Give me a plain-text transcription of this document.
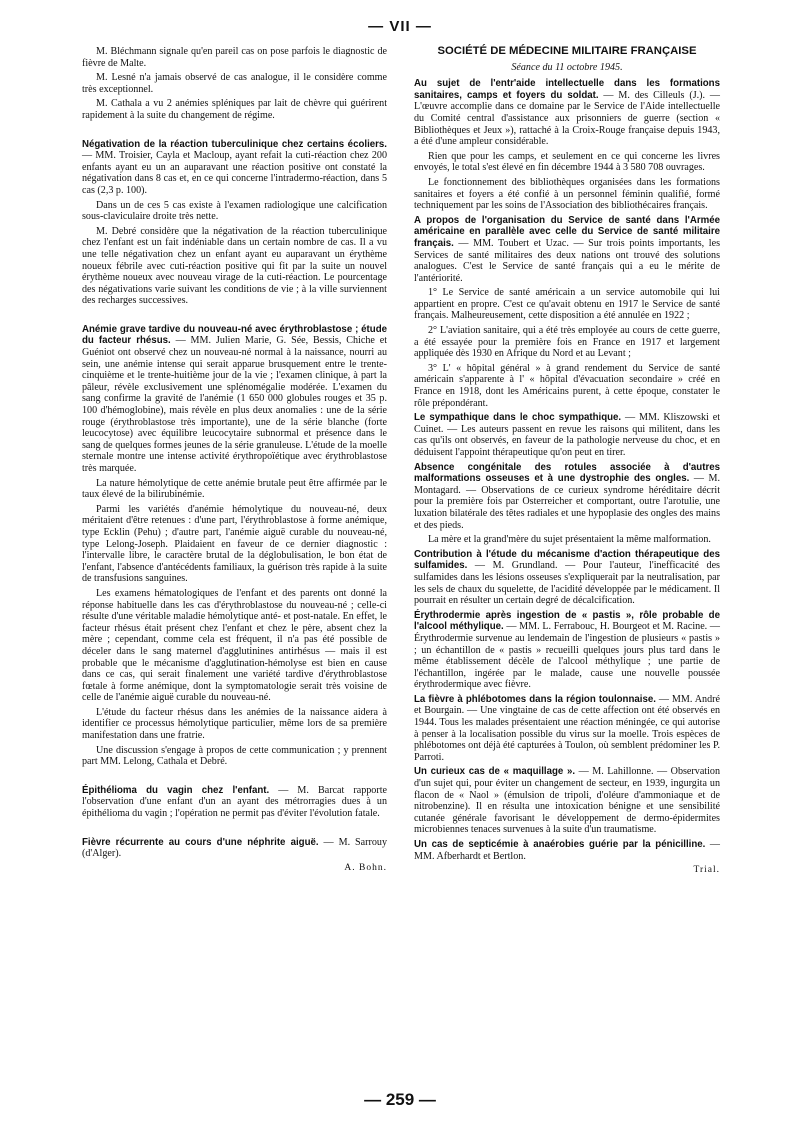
— VII —

M. Bléchmann signale qu'en pareil cas on pose parfois le diagnostic de fièvre de Malte.

M. Lesné n'a jamais observé de cas analogue, il le considère comme très exceptionnel.

M. Cathala a vu 2 anémies spléniques par lait de chèvre qui guérirent rapidement à la suite du changement de régime.

Négativation de la réaction tuberculinique chez certains écoliers. — MM. Troisier, Cayla et Macloup, ayant refait la cuti-réaction chez 200 enfants ayant eu un an auparavant une réaction positive ont constaté la négativation dans 8 cas et, en ce qui concerne l'intradermo-réaction, dans 5 cas (2,3 p. 100).

Dans un de ces 5 cas existe à l'examen radiologique une calcification sous-claviculaire droite très nette.

M. Debré considère que la négativation de la réaction tuberculinique chez l'enfant est un fait indéniable dans un certain nombre de cas. Il a vu une telle négativation chez un enfant ayant eu auparavant un érythème noueux fébrile avec cuti-réaction positive qui fit par la suite un nouvel érythème noueux avec nouveau virage de la cuti-réaction. Le pourcentage des négativations varie suivant les conditions de vie ; à la ville surviennent des recharges successives.

Anémie grave tardive du nouveau-né avec érythroblastose ; étude du facteur rhésus. — MM. Julien Marie, G. Sée, Bessis, Chiche et Guéniot ont observé chez un nouveau-né normal à la naissance, nourri au sein, une anémie intense qui serait apparue brusquement entre le trente-cinquième et le trente-huitième jour de la vie ; l'examen clinique, à part la pâleur, révèle exclusivement une splénomégalie modérée. L'examen du sang confirme la gravité de l'anémie (1 650 000 globules rouges et 35 p. 100 d'hémoglobine), mais révèle en plus deux anomalies : une de la série rouge (érythroblastose très importante), une de la série blanche (forte leucocytose) avec équilibre leucocytaire subnormal et présence dans le sang de quelques formes jeunes de la série granuleuse. L'étude de la moelle sternale montre une intense activité érythropoïétique avec érythroblastose très marquée.

La nature hémolytique de cette anémie brutale peut être affirmée par le taux élevé de la bilirubinémie.

Parmi les variétés d'anémie hémolytique du nouveau-né, deux méritaient d'être retenues : d'une part, l'érythroblastose à forme anémique, type Ecklin (Pehu) ; d'autre part, l'anémie aiguë curable du nouveau-né, type Lelong-Joseph. Plaidaient en faveur de ce dernier diagnostic : l'intervalle libre, le caractère brutal de la déglobulisation, le bon état de l'enfant, l'absence d'antécédents familiaux, la guérison très rapide à la suite de transfusions sanguines.

Les examens hématologiques de l'enfant et des parents ont donné la réponse habituelle dans les cas d'érythroblastose du nouveau-né ; celle-ci résulte d'une véritable maladie hémolytique anté- et post-natale. En effet, le facteur rhésus était présent chez l'enfant et chez le père, absent chez la mère ; cependant, comme cela est fréquent, il n'a pas été possible de déceler dans le sang maternel d'agglutinines antirhésus — mais il est probable que le mécanisme d'agglutination-hémolyse est bien en cause dans ce cas, qui serait finalement une variété tardive d'érythroblastose fœtale à forme anémique, dont la symptomatologie serait très voisine de celle de l'anémie aiguë curable du nouveau-né.

L'étude du facteur rhésus dans les anémies de la naissance aidera à identifier ce processus hémolytique particulier, même lors de sa première manifestation dans une fratrie.

Une discussion s'engage à propos de cette communication ; y prennent part MM. Lelong, Cathala et Debré.

Épithélioma du vagin chez l'enfant. — M. Barcat rapporte l'observation d'une enfant d'un an ayant des métrorragies dues à un épithélioma du vagin ; l'opération ne permit pas d'éviter l'évolution fatale.

Fièvre récurrente au cours d'une néphrite aiguë. — M. Sarrouy (d'Alger).

A. Bohn.

SOCIÉTÉ DE MÉDECINE MILITAIRE FRANÇAISE
Séance du 11 octobre 1945.

Au sujet de l'entr'aide intellectuelle dans les formations sanitaires, camps et foyers du soldat. — M. des Cilleuls (J.). — L'œuvre accomplie dans ce domaine par le Service de l'Aide intellectuelle du Comité central d'assistance aux prisonniers de guerre (section « Bibliothèques et Jeux »), rattaché à la Croix-Rouge française depuis 1943, a été d'une ampleur considérable.

Rien que pour les camps, et seulement en ce qui concerne les livres envoyés, le total s'est élevé en fin décembre 1944 à 3 580 708 ouvrages.

Le fonctionnement des bibliothèques organisées dans les formations sanitaires et foyers a été confié à un personnel féminin qualifié, formé techniquement par les soins de l'Association des bibliothécaires français.

A propos de l'organisation du Service de santé dans l'Armée américaine en parallèle avec celle du Service de santé militaire français. — MM. Toubert et Uzac. — Sur trois points importants, les Services de santé militaires des deux nations ont trouvé des solutions analogues. C'est le Service de santé français qui a eu le mérite de l'antériorité.

1° Le Service de santé américain a un service automobile qui lui appartient en propre. C'est ce qu'avait obtenu en 1917 le Service de santé français. Malheureusement, cette disposition a été annulée en 1922 ;

2° L'aviation sanitaire, qui a été très employée au cours de cette guerre, a été essayée pour la première fois en France en 1917 et largement appliquée dès 1930 en Afrique du Nord et au Levant ;

3° L' « hôpital général » à grand rendement du Service de santé américain s'apparente à l' « hôpital d'évacuation secondaire » créé en France en 1918, dont les Américains purent, à cette époque, constater le rôle prépondérant.

Le sympathique dans le choc sympathique. — MM. Kliszowski et Cuinet. — Les auteurs passent en revue les raisons qui militent, dans les cas qu'ils ont observés, en faveur de la pathologie nerveuse du choc, et en déduisent l'appoint thérapeutique qu'on peut en tirer.

Absence congénitale des rotules associée à d'autres malformations osseuses et à une dystrophie des ongles. — M. Montagard. — Observations de ce curieux syndrome héréditaire décrit pour la première fois par Osterreicher et comportant, outre l'arotulie, une luxation bilatérale des têtes radiales et une hypoplasie des ongles des mains et des pieds.

La mère et la grand'mère du sujet présentaient la même malformation.

Contribution à l'étude du mécanisme d'action thérapeutique des sulfamides. — M. Grundland. — Pour l'auteur, l'inefficacité des sulfamides dans les lésions osseuses s'expliquerait par la neutralisation, par les sels de chaux du squelette, de l'acidité développée par le médicament. Il pourrait en résulter un certain degré de décalcification.

Érythrodermie après ingestion de « pastis », rôle probable de l'alcool méthylique. — MM. L. Ferrabouc, H. Bourgeot et M. Racine. — Érythrodermie survenue au lendemain de l'ingestion de plusieurs « pastis » ; un échantillon de « pastis » recueilli quelques jours plus tard dans le même établissement décèle de l'alcool méthylique ; une partie de l'échantillon, ingérée par le malade, cause une nouvelle poussée érythrodermique avec fièvre.

La fièvre à phlébotomes dans la région toulonnaise. — MM. André et Bourgain. — Une vingtaine de cas de cette affection ont été observés en 1944. Tous les malades présentaient une réaction méningée, ce qui autorise à penser à la localisation possible du virus sur la moelle. Trois espèces de phlébotomes ont déjà été capturées à Toulon, où semblent prédominer les P. Parroti.

Un curieux cas de « maquillage ». — M. Lahillonne. — Observation d'un sujet qui, pour éviter un changement de secteur, en 1939, ingurgita un flacon de « Naol » (émulsion de tripoli, d'oléure d'ammoniaque et de nitrobenzine). Il en résulta une intoxication bénigne et une sensibilité cutanée générale favorisant le développement de dermo-épidermites microbiennes tenaces survenues à la suite d'un traumatisme.

Un cas de septicémie à anaérobies guérie par la pénicilline. — MM. Afberhardt et Bertlon.

Trial.

— 259 —
